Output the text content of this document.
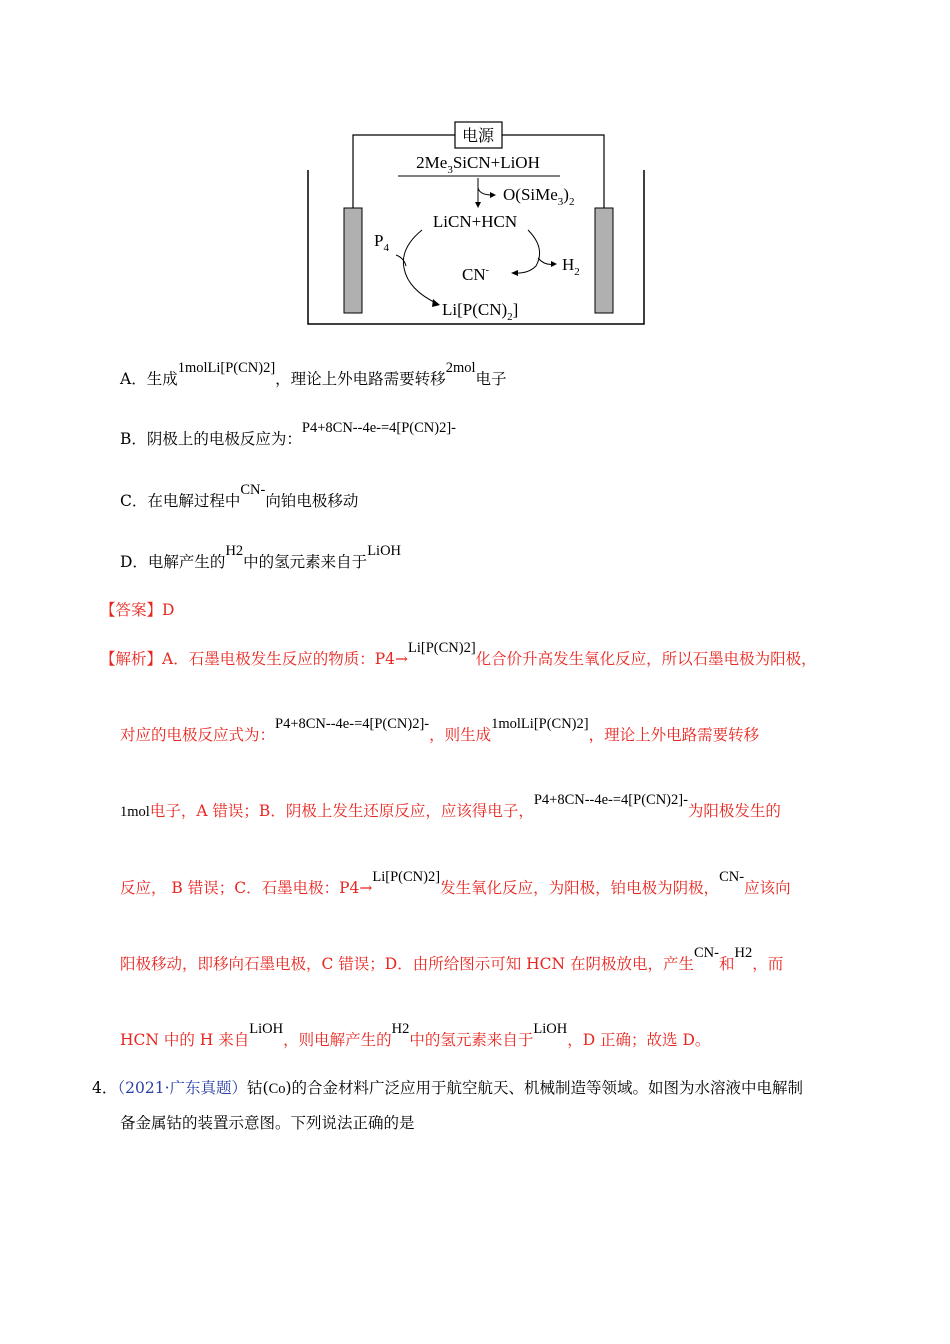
电源
$2Me_3SiCN+LiOH$
$O(SiMe_3)_2$
LiCN+HCN
$P_4$
$H_2$
CN-
$Li[P(CN)_2]$
A．生成1molLi[P(CN)2]，理论上外电路需要转移2mol电子
B．阴极上的电极反应为：P4+8CN--4e-=4[P(CN)2]-
C．在电解过程中CN-向铂电极移动
D．电解产生的H2中的氢元素来自于LiOH
【答案】D
【解析】A．石墨电极发生反应的物质：P4→Li[P(CN)2]化合价升高发生氧化反应，所以石墨电极为阳极，
对应的电极反应式为：P4+8CN--4e-=4[P(CN)2]-，则生成1molLi[P(CN)2]，理论上外电路需要转移
1mol电子，A 错误；B．阴极上发生还原反应，应该得电子，P4+8CN--4e-=4[P(CN)2]-为阳极发生的
反应， B 错误；C．石墨电极：P4→Li[P(CN)2]发生氧化反应，为阳极，铂电极为阴极，CN-应该向
阳极移动，即移向石墨电极，C 错误；D．由所给图示可知 HCN 在阴极放电，产生CN-和H2，而
HCN 中的 H 来自LiOH，则电解产生的H2中的氢元素来自于LiOH，D 正确；故选 D。
4．（2021·广东真题）钴(Co)的合金材料广泛应用于航空航天、机械制造等领域。如图为水溶液中电解制
备金属钴的装置示意图。下列说法正确的是
